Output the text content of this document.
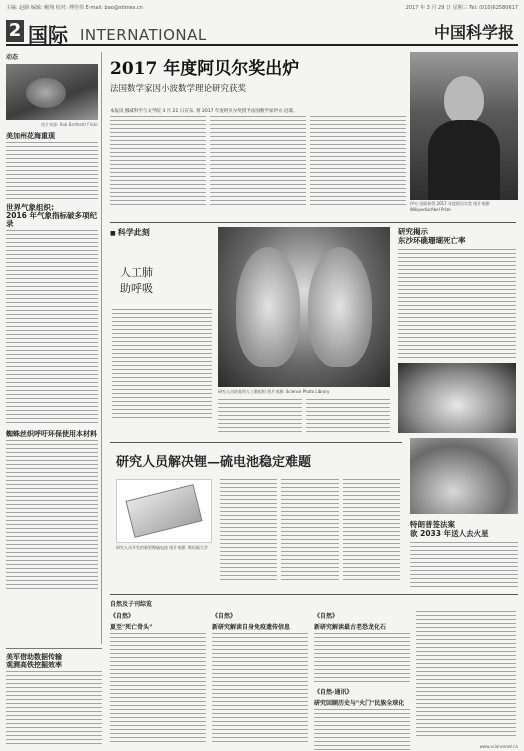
主编: 赵路 编辑: 鲍翔 校对: 傅佳伟 E-mail: bao@stimes.cn	2017 年 3 月 29 日 星期三 Tel: (010)62580617
2 国际 INTERNATIONAL	中国科学报
动态
图片来源: Rob Barthelt/ Flickr
美加州花海重现
世界气象组织:
2016 年气象指标破多项纪录
蜘蛛丝织呼吁环保使用本材料
美军借助数据传输
观测高铁挖掘效率
2017 年度阿贝尔奖出炉
法国数学家因小波数学理论研究获奖
本报讯 挪威科学与文学院 3 月 21 日宣布, 将 2017 年度阿贝尔奖授予法国数学家伊夫·迈耶。
伊夫·迈耶获得 2017 年度阿贝尔奖 图片来源: Wikipedia/Abel Prize
■ 科学此刻
人工肺
助呼吸
研究人员培育的人工肺组织 图片来源: Science Photo Library
研究揭示
东沙环礁珊瑚死亡率
研究人员解决锂—硫电池稳定难题
研究人员开发的新型锂硫电池 图片来源: 斯坦福大学
特朗普签法案
欲 2033 年送人去火星
自然及子刊综览
《自然》
夏至"死亡骨头"
《自然》
新研究解读自身免疫遗传信息
《自然》
新研究解读最古老恐龙化石
《自然-通讯》
研究回顾历史与"火门"民族全球化
www.sciencenet.cn
